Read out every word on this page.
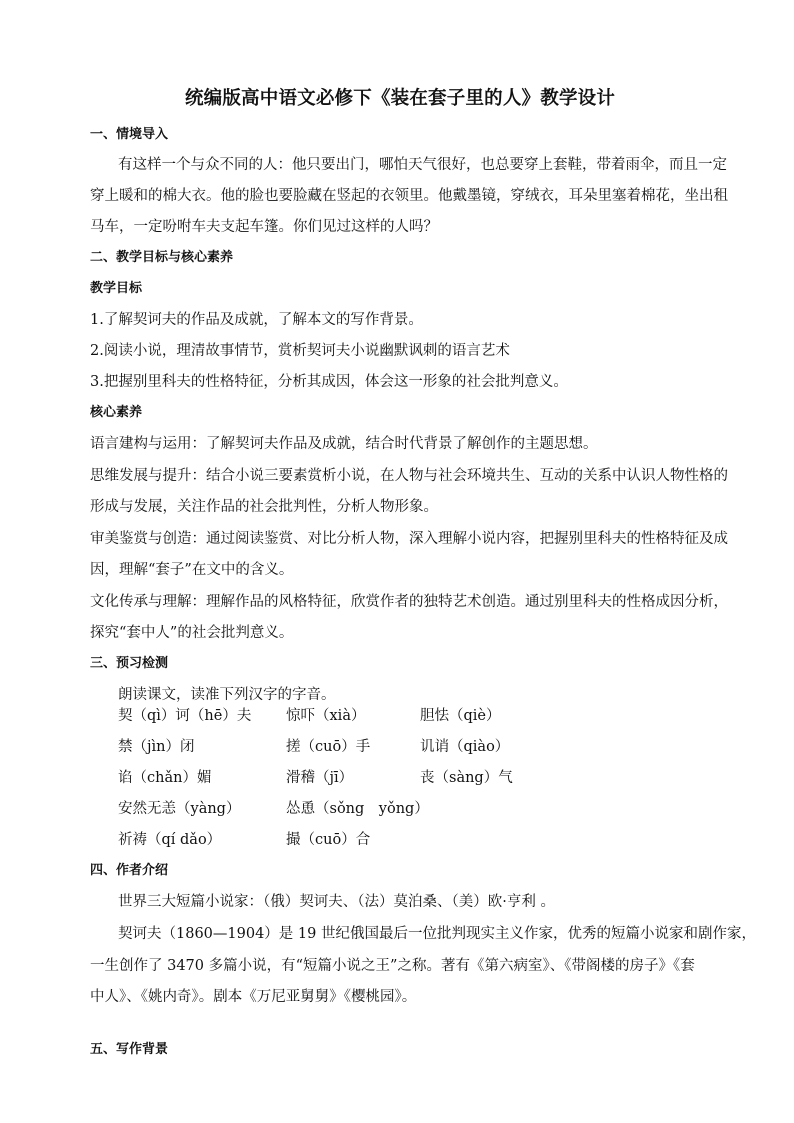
统编版高中语文必修下《装在套子里的人》教学设计
一、情境导入
有这样一个与众不同的人：他只要出门，哪怕天气很好，也总要穿上套鞋，带着雨伞，而且一定
穿上暖和的棉大衣。他的脸也要脸藏在竖起的衣领里。他戴墨镜，穿绒衣，耳朵里塞着棉花，坐出租
马车，一定吩咐车夫支起车篷。你们见过这样的人吗？
二、教学目标与核心素养
教学目标
1.了解契诃夫的作品及成就，了解本文的写作背景。
2.阅读小说，理清故事情节，赏析契诃夫小说幽默讽刺的语言艺术
3.把握别里科夫的性格特征，分析其成因，体会这一形象的社会批判意义。
核心素养
语言建构与运用：了解契诃夫作品及成就，结合时代背景了解创作的主题思想。
思维发展与提升：结合小说三要素赏析小说，在人物与社会环境共生、互动的关系中认识人物性格的
形成与发展，关注作品的社会批判性，分析人物形象。
审美鉴赏与创造：通过阅读鉴赏、对比分析人物，深入理解小说内容，把握别里科夫的性格特征及成
因，理解“套子”在文中的含义。
文化传承与理解：理解作品的风格特征，欣赏作者的独特艺术创造。通过别里科夫的性格成因分析，
探究“套中人”的社会批判意义。
三、预习检测
朗读课文，读准下列汉字的字音。
契（qì）诃（hē）夫 惊吓（xià）	胆怯（qiè）
禁（jìn）闭	搓（cuō）手	讥诮（qiào）
谄（chǎn）媚	滑稽（jī）	丧（sàng）气
安然无恙（yàng）	怂恿（sǒng　yǒng）
祈祷（qí dǎo）	撮（cuō）合
四、作者介绍
世界三大短篇小说家：（俄）契诃夫、（法）莫泊桑、（美）欧·亨利 。
契诃夫（1860—1904）是 19 世纪俄国最后一位批判现实主义作家，优秀的短篇小说家和剧作家，
一生创作了 3470 多篇小说，有“短篇小说之王”之称。著有《第六病室》、《带阁楼的房子》《套
中人》、《姚内奇》。剧本《万尼亚舅舅》《樱桃园》。
五、写作背景
